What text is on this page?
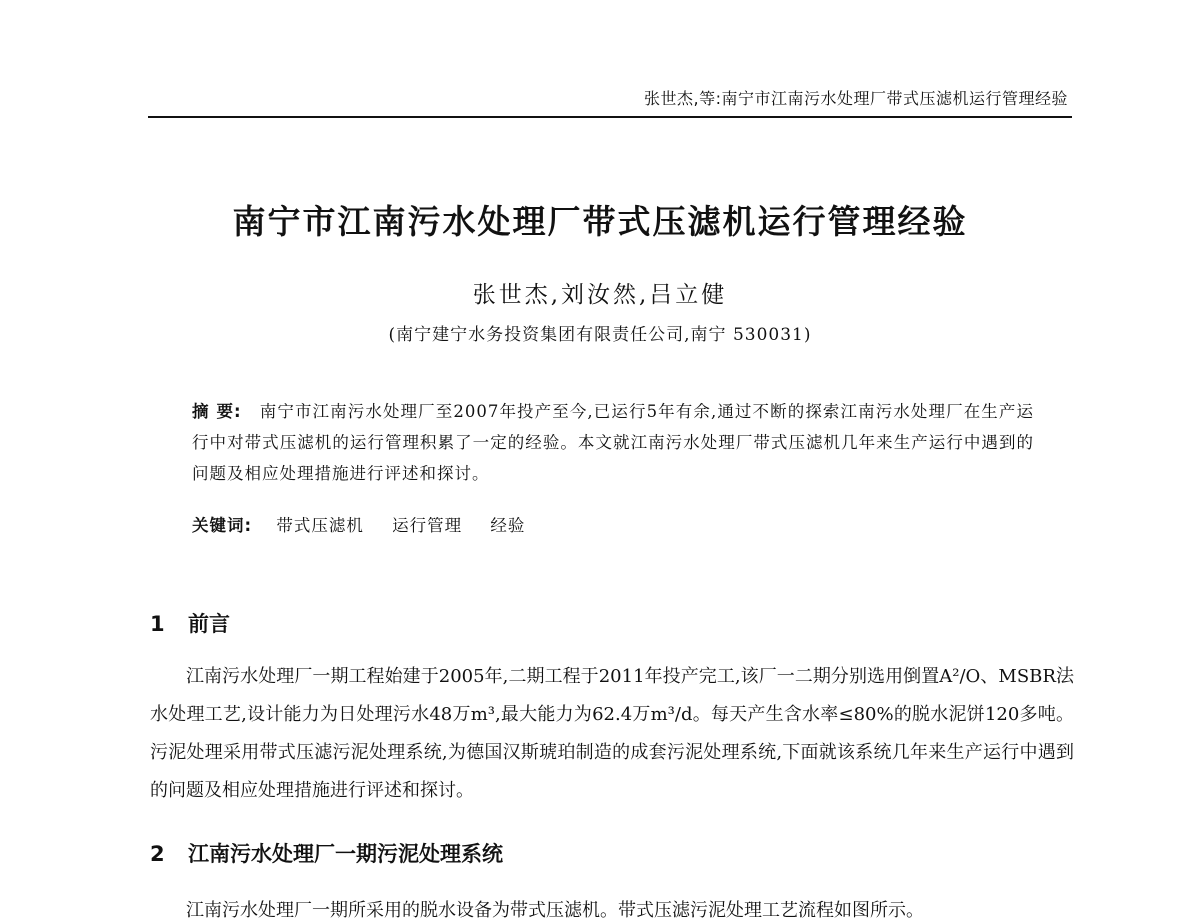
张世杰,等:南宁市江南污水处理厂带式压滤机运行管理经验
南宁市江南污水处理厂带式压滤机运行管理经验
张世杰,刘汝然,吕立健
(南宁建宁水务投资集团有限责任公司,南宁 530031)
摘 要: 南宁市江南污水处理厂至2007年投产至今,已运行5年有余,通过不断的探索江南污水处理厂在生产运行中对带式压滤机的运行管理积累了一定的经验。本文就江南污水处理厂带式压滤机几年来生产运行中遇到的问题及相应处理措施进行评述和探讨。
关键词: 带式压滤机 运行管理 经验
1 前言

江南污水处理厂一期工程始建于2005年,二期工程于2011年投产完工,该厂一二期分别选用倒置A²/O、MSBR法水处理工艺,设计能力为日处理污水48万m³,最大能力为62.4万m³/d。每天产生含水率≤80%的脱水泥饼120多吨。污泥处理采用带式压滤污泥处理系统,为德国汉斯琥珀制造的成套污泥处理系统,下面就该系统几年来生产运行中遇到的问题及相应处理措施进行评述和探讨。

2 江南污水处理厂一期污泥处理系统

江南污水处理厂一期所采用的脱水设备为带式压滤机。带式压滤污泥处理工艺流程如图所示。
